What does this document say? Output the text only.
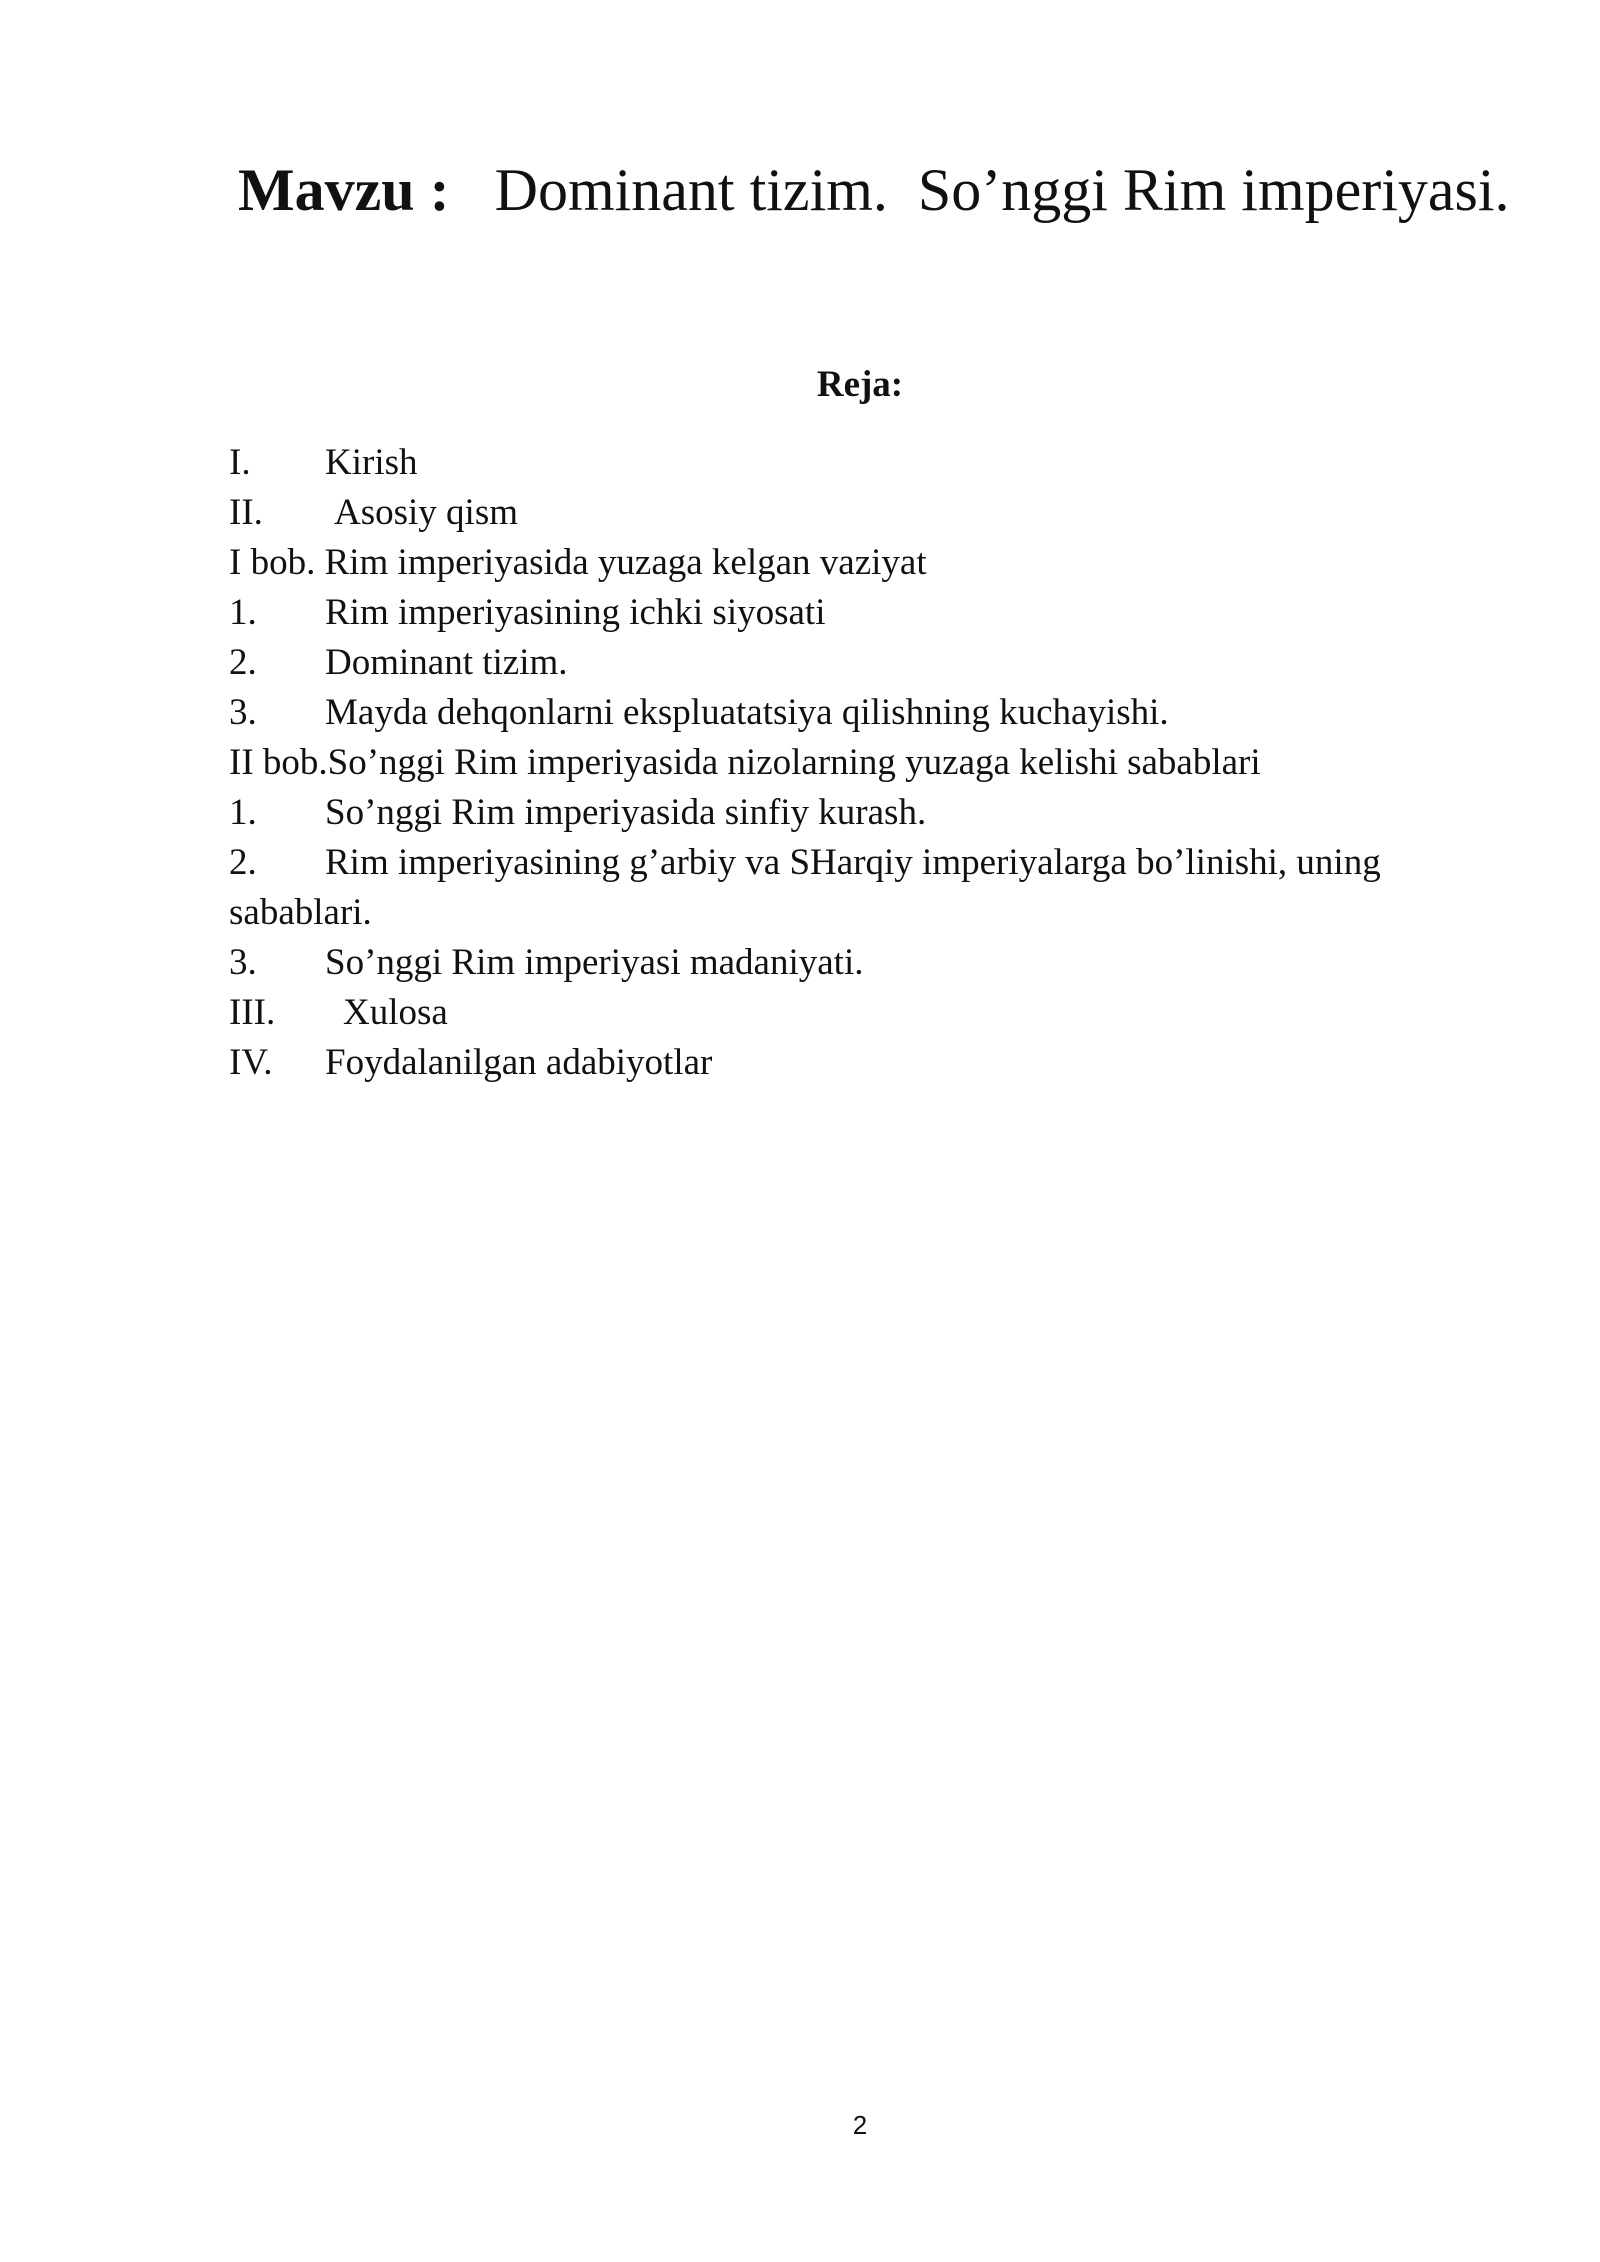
Mavzu : Dominant tizim.  So’nggi Rim imperiyasi.
Reja:
I.	Kirish
II.	Asosiy qism
I bob. Rim imperiyasida yuzaga kelgan vaziyat
1.	Rim imperiyasining ichki siyosati
2.	Dominant tizim.
3.	Mayda dehqonlarni ekspluatatsiya qilishning kuchayishi.
II bob.So’nggi Rim imperiyasida nizolarning yuzaga kelishi sabablari
1.	So’nggi Rim imperiyasida sinfiy kurash.
2. Rim imperiyasining g’arbiy va SHarqiy imperiyalarga bo’linishi, uning sabablari.
3.	So’nggi Rim imperiyasi madaniyati.
III.	Xulosa
IV.	Foydalanilgan adabiyotlar
2
